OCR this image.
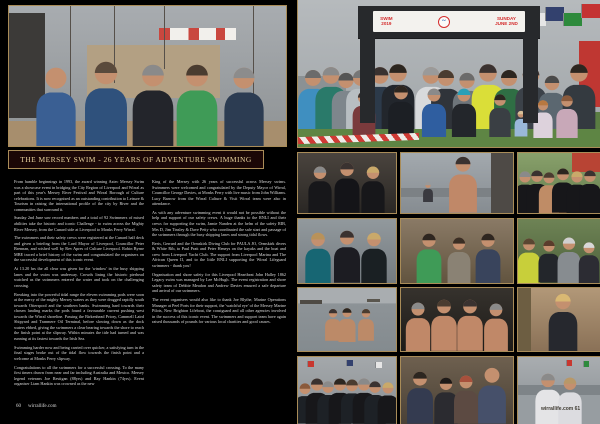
THE MERSEY SWIM - 26 YEARS OF ADVENTURE SWIMMING

From humble beginnings in 1993, the award winning Aztec Mersey Swim was a showcase event in bridging the City Region of Liverpool and Wirral as part of this year's Mersey River Festival and Wirral Borough of Culture celebrations. It is now recognised as an outstanding contribution to Leisure & Tourism in raising the international profile of the city by River and the communities that surround it.

Sunday 2nd June saw record numbers and a total of 92 Swimmers of mixed abilities take the historic and iconic Challenge - to swim across the Mighty River Mersey, from the Cunard side at Liverpool to Monks Ferry Wirral.

The swimmers and their safety crews were registered at the Cunard half deck and given a briefing from the Lord Mayor of Liverpool, Councillor Peter Brennan, and wished well by Rev Apres of Culture Liverpool. Robin Byrne MBE traced a brief history of the swim and congratulated the organisers on the successful development of this iconic event.

At 13.20 hrs the all clear was given for the 'window' in the busy shipping lanes and the swim was underway. Crowds lining the historic pierhead watched as the swimmers entered the water and took on the challenging crossing.

Breaking into the powerful tidal range the eleven swimming pods were soon at the mercy of the mighty Mersey waters as they were dragged rapidly south towards Otterspool and the southern banks. Swimming hard towards their chosen landing marks the pods found a favourable current pushing west towards the Wirral shoreline. Passing the Birkenhead Priory, Cammell Laird Shipyard and Tranmere Oil Terminal, before slowing down as the dock waters ebbed, giving the swimmers a clear bearing towards the shore to reach the finish point at the slipway. Within minutes the tide had turned and was running at its fastest towards the Irish Sea.

Swimming harder now and being carried over quicker, a satisfying turn in the final stages broke out of the tidal flow towards the finish point and a welcome at Monks Ferry slipway.

Congratulations to all the swimmers for a successful crossing. To the many first timers drawn from near and far including Australia and Mexico. Mersey legend veterans Joe Restigan (88yrs) and Ray Hankin (74yrs). Event organiser Liam Hankin was crowned as the new

King of the Mersey with 26 years of successful across Mersey swims. Swimmers were welcomed and congratulated by the Deputy Mayor of Wirral, Councillor George Davies, at Monks Ferry with live music from John Williams. Lucy Barrow from the Wirral Culture & Visit Wirral team were also in attendance.

As with any adventure swimming event it would not be possible without the help and support of our safety crews. A huge thanks to the RNLI and their crews for supporting the swim, Jamie Nanden at the helm of the safety RIB, Mrs D, Jim Tinsley & Dave Petty who coordinated the safe start and passage of the swimmers through the busy shipping lanes and strong tidal flows.

Beris, Gerrard and the Ormskirk Diving Club for PAULA JO, Ormskirk divers & White Rib, to Paul Pratt and Peter Heneys on the kayaks and the boat and crew from Liverpool Yacht Club. The support from Liverpool Marina and The African Queen II, and to the little RNLI supporting the Wirral Lifeguard swimmers - thank you!

Organisation and shore safety for this Liverpool Heartbeat John Halley 1862 Legacy swim was managed by Lee McHugh. The event registration and shore safety team of Debbie Meadon and Andrew Davies ensured a safe departure and arrival of our swimmers.

The event organisers would also like to thank Joe Blythe, Marine Operations Manager at Peel Ports for their support, the 'watchful eye' of the Mersey Marine Pilots, New Brighton Lifeboat, the coastguard and all other agencies involved in the success of this iconic event. The swimmers and support team have again raised thousands of pounds for various local charities and good causes.

60 wirrallife.com
SWIM
2019	~	SUNDAY
JUNE 2ND
wirrallife.com 61
